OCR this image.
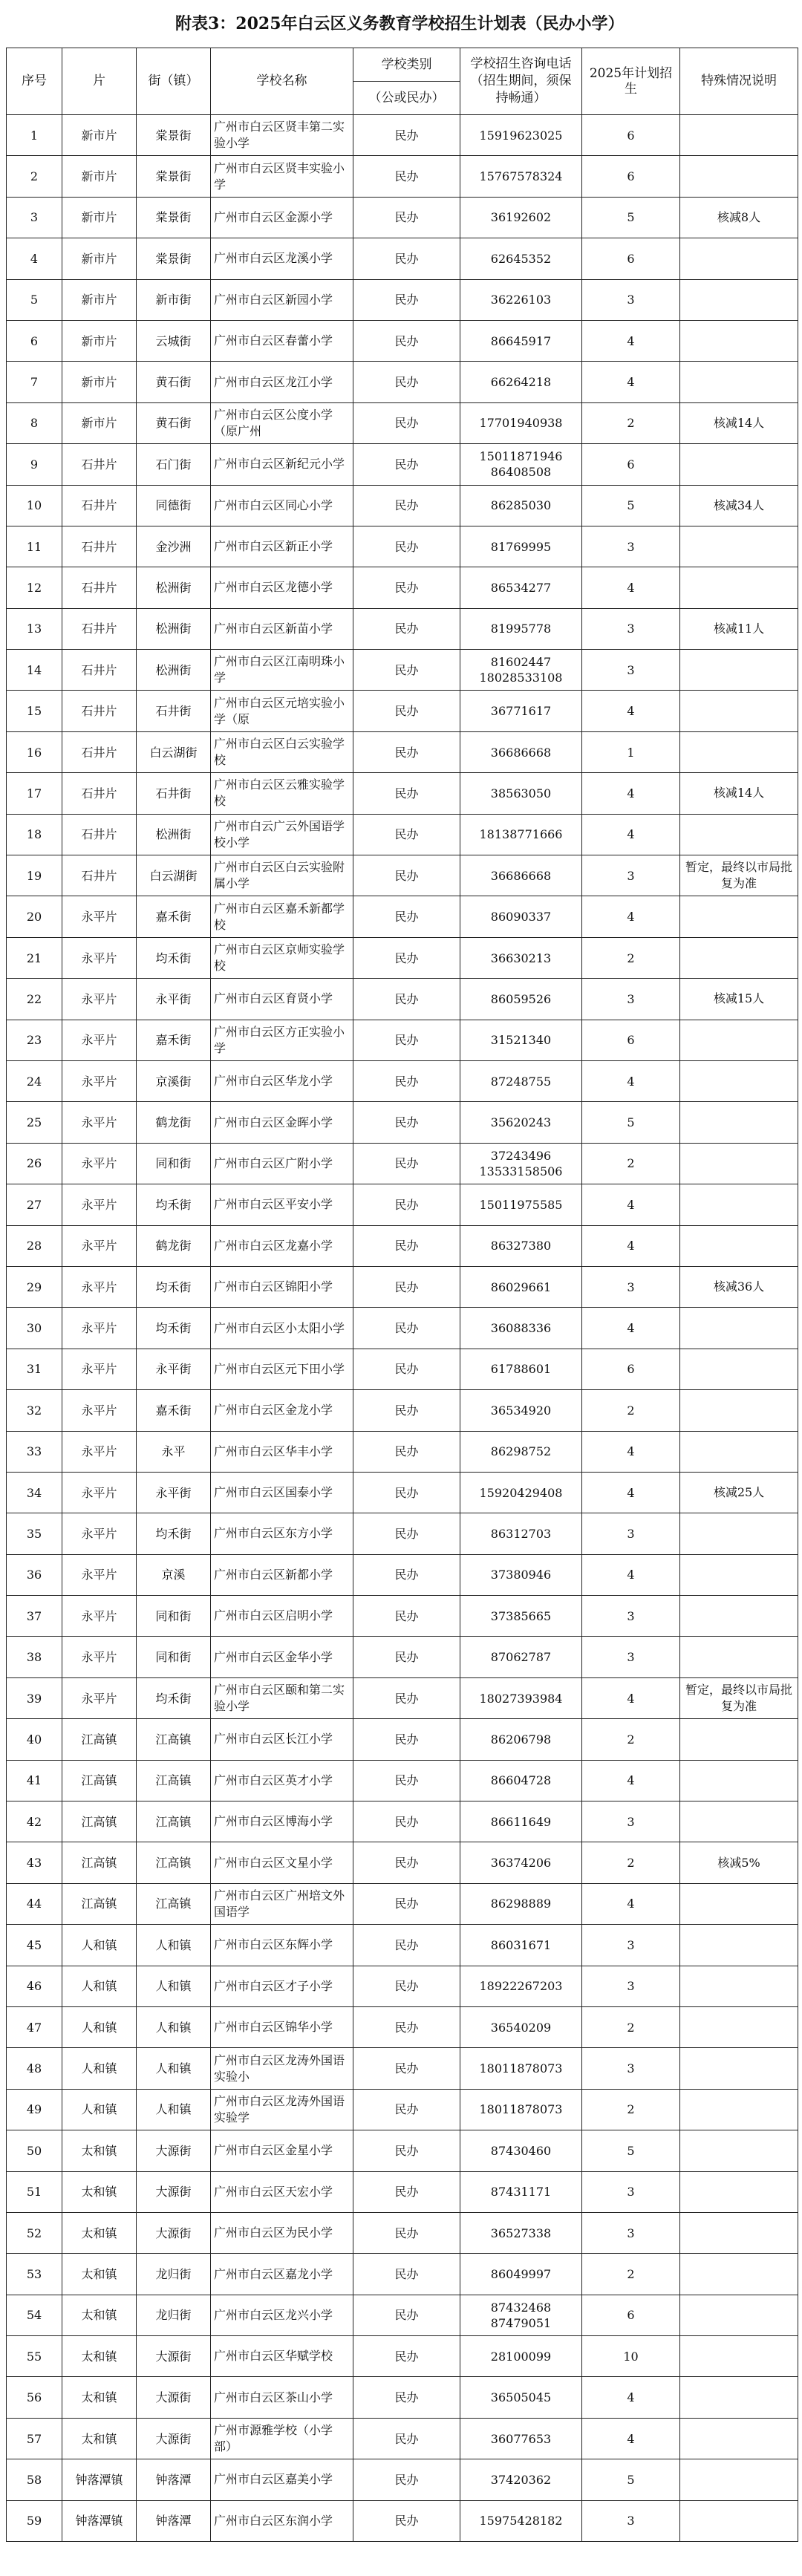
附表3：2025年白云区义务教育学校招生计划表（民办小学）
序号	片	街（镇）	学校名称	学校类别	学校招生咨询电话（招生期间，须保持畅通）	2025年计划招生	特殊情况说明
				（公或民办）			
1	新市片	棠景街	广州市白云区贤丰第二实验小学	民办	15919623025	6	
2	新市片	棠景街	广州市白云区贤丰实验小学	民办	15767578324	6	
3	新市片	棠景街	广州市白云区金源小学	民办	36192602	5	核减8人
4	新市片	棠景街	广州市白云区龙溪小学	民办	62645352	6	
5	新市片	新市街	广州市白云区新园小学	民办	36226103	3	
6	新市片	云城街	广州市白云区春蕾小学	民办	86645917	4	
7	新市片	黄石街	广州市白云区龙江小学	民办	66264218	4	
8	新市片	黄石街	广州市白云区公度小学（原广州	民办	17701940938	2	核减14人
9	石井片	石门街	广州市白云区新纪元小学	民办	15011871946
86408508	6	
10	石井片	同德街	广州市白云区同心小学	民办	86285030	5	核减34人
11	石井片	金沙洲	广州市白云区新正小学	民办	81769995	3	
12	石井片	松洲街	广州市白云区龙德小学	民办	86534277	4	
13	石井片	松洲街	广州市白云区新苗小学	民办	81995778	3	核减11人
14	石井片	松洲街	广州市白云区江南明珠小学	民办	81602447
18028533108	3	
15	石井片	石井街	广州市白云区元培实验小学（原	民办	36771617	4	
16	石井片	白云湖街	广州市白云区白云实验学校	民办	36686668	1	
17	石井片	石井街	广州市白云区云雅实验学校	民办	38563050	4	核减14人
18	石井片	松洲街	广州市白云广云外国语学校小学	民办	18138771666	4	
19	石井片	白云湖街	广州市白云区白云实验附属小学	民办	36686668	3	暂定，最终以市局批复为准
20	永平片	嘉禾街	广州市白云区嘉禾新都学校	民办	86090337	4	
21	永平片	均禾街	广州市白云区京师实验学校	民办	36630213	2	
22	永平片	永平街	广州市白云区育贤小学	民办	86059526	3	核减15人
23	永平片	嘉禾街	广州市白云区方正实验小学	民办	31521340	6	
24	永平片	京溪街	广州市白云区华龙小学	民办	87248755	4	
25	永平片	鹤龙街	广州市白云区金晖小学	民办	35620243	5	
26	永平片	同和街	广州市白云区广附小学	民办	37243496
13533158506	2	
27	永平片	均禾街	广州市白云区平安小学	民办	15011975585	4	
28	永平片	鹤龙街	广州市白云区龙嘉小学	民办	86327380	4	
29	永平片	均禾街	广州市白云区锦阳小学	民办	86029661	3	核减36人
30	永平片	均禾街	广州市白云区小太阳小学	民办	36088336	4	
31	永平片	永平街	广州市白云区元下田小学	民办	61788601	6	
32	永平片	嘉禾街	广州市白云区金龙小学	民办	36534920	2	
33	永平片	永平	广州市白云区华丰小学	民办	86298752	4	
34	永平片	永平街	广州市白云区国泰小学	民办	15920429408	4	核减25人
35	永平片	均禾街	广州市白云区东方小学	民办	86312703	3	
36	永平片	京溪	广州市白云区新都小学	民办	37380946	4	
37	永平片	同和街	广州市白云区启明小学	民办	37385665	3	
38	永平片	同和街	广州市白云区金华小学	民办	87062787	3	
39	永平片	均禾街	广州市白云区颐和第二实验小学	民办	18027393984	4	暂定，最终以市局批复为准
40	江高镇	江高镇	广州市白云区长江小学	民办	86206798	2	
41	江高镇	江高镇	广州市白云区英才小学	民办	86604728	4	
42	江高镇	江高镇	广州市白云区博海小学	民办	86611649	3	
43	江高镇	江高镇	广州市白云区文星小学	民办	36374206	2	核减5%
44	江高镇	江高镇	广州市白云区广州培文外国语学	民办	86298889	4	
45	人和镇	人和镇	广州市白云区东辉小学	民办	86031671	3	
46	人和镇	人和镇	广州市白云区才子小学	民办	18922267203	3	
47	人和镇	人和镇	广州市白云区锦华小学	民办	36540209	2	
48	人和镇	人和镇	广州市白云区龙涛外国语实验小	民办	18011878073	3	
49	人和镇	人和镇	广州市白云区龙涛外国语实验学	民办	18011878073	2	
50	太和镇	大源街	广州市白云区金星小学	民办	87430460	5	
51	太和镇	大源街	广州市白云区天宏小学	民办	87431171	3	
52	太和镇	大源街	广州市白云区为民小学	民办	36527338	3	
53	太和镇	龙归街	广州市白云区嘉龙小学	民办	86049997	2	
54	太和镇	龙归街	广州市白云区龙兴小学	民办	87432468
87479051	6	
55	太和镇	大源街	广州市白云区华赋学校	民办	28100099	10	
56	太和镇	大源街	广州市白云区茶山小学	民办	36505045	4	
57	太和镇	大源街	广州市源雅学校（小学部）	民办	36077653	4	
58	钟落潭镇	钟落潭	广州市白云区嘉美小学	民办	37420362	5	
59	钟落潭镇	钟落潭	广州市白云区东润小学	民办	15975428182	3	
